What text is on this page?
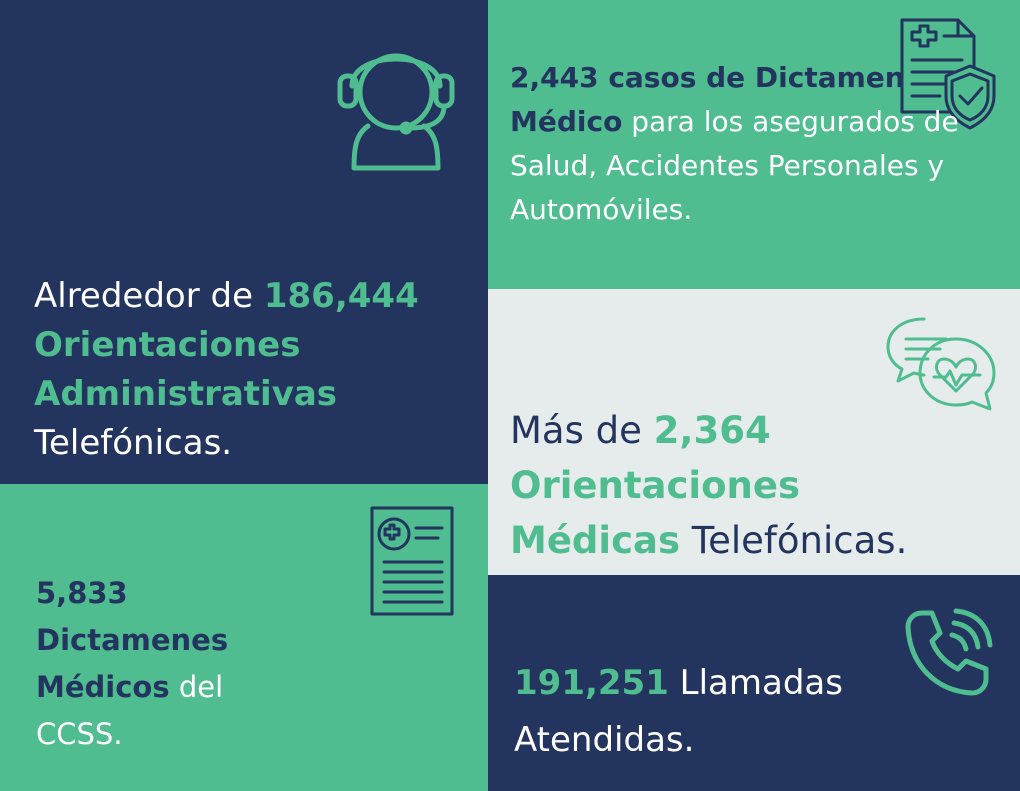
Alrededor de 186,444
Orientaciones
Administrativas
Telefónicas.

2,443 casos de Dictamen Médico para los asegurados de Salud, Accidentes Personales y Automóviles.

Más de 2,364
Orientaciones
Médicas Telefónicas.

5,833
Dictamenes
Médicos del
CCSS.

191,251 Llamadas
Atendidas.
